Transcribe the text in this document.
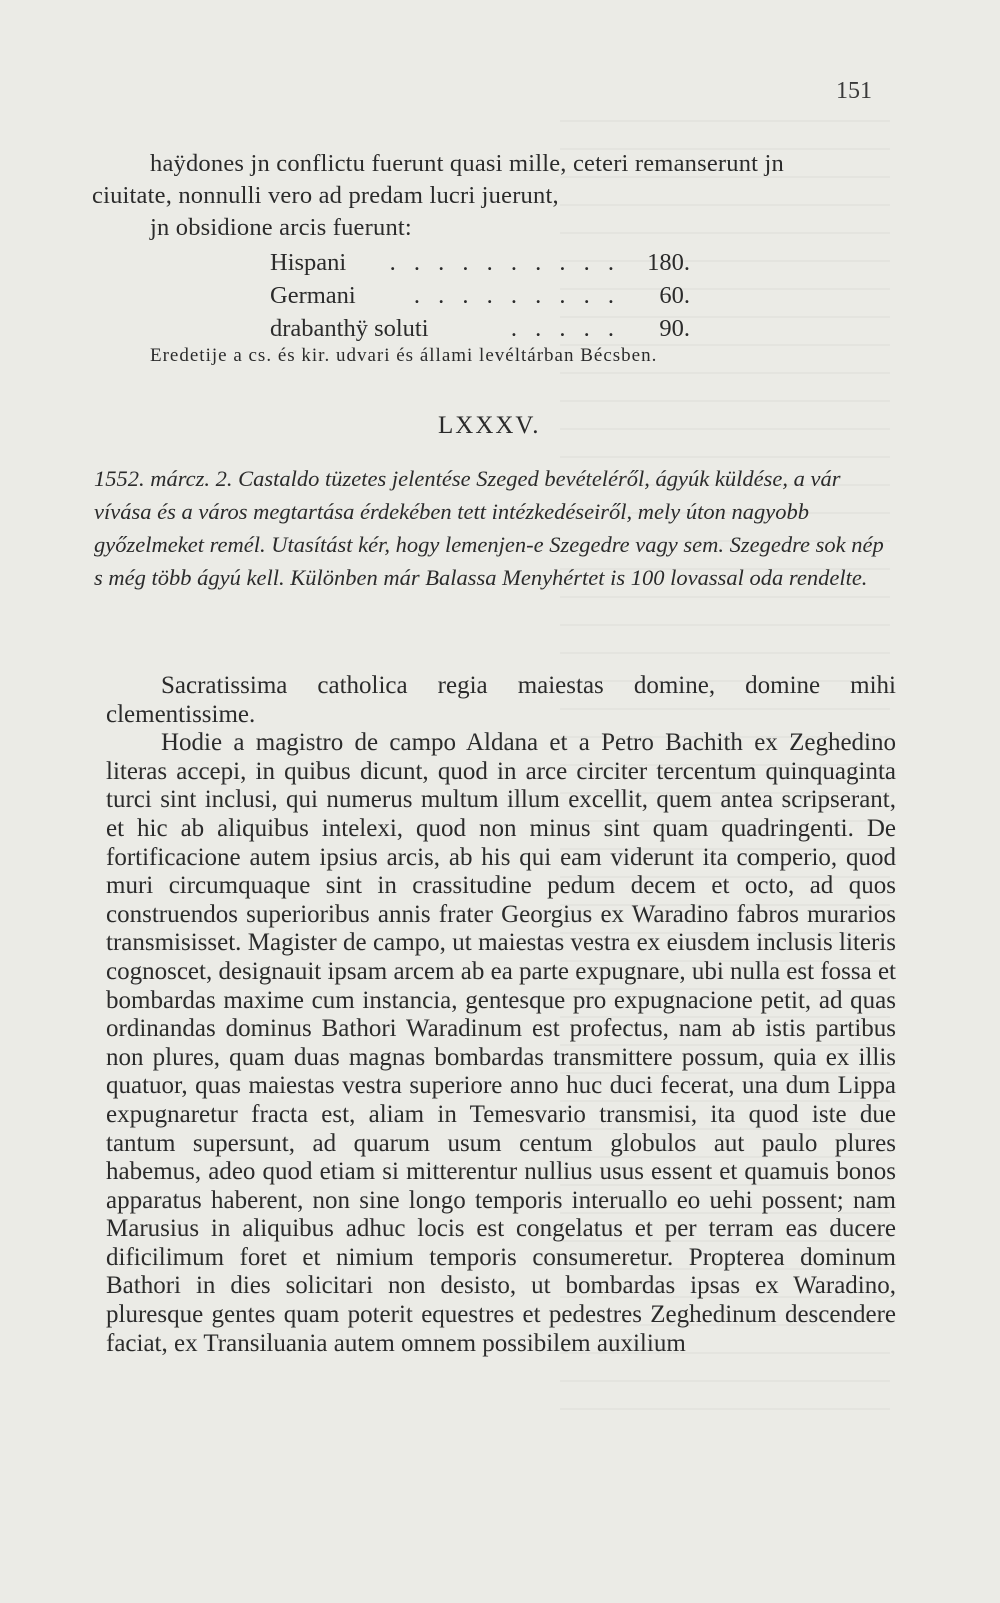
151
haÿdones jn conflictu fuerunt quasi mille, ceteri remanserunt jn
ciuitate, nonnulli vero ad predam lucri juerunt,
jn obsidione arcis fuerunt:
Hispani	. . . . . . . . . . 180.
Germani	. . . . . . . . . 60.
drabanthÿ soluti	. . . . . 90.
Eredetije a cs. és kir. udvari és állami levéltárban Bécsben.
LXXXV.
1552. márcz. 2. Castaldo tüzetes jelentése Szeged bevételéről, ágyúk küldése, a vár vívása és a város megtartása érdekében tett intézkedéseiről, mely úton nagyobb győzelmeket remél. Utasítást kér, hogy lemenjen-e Szegedre vagy sem. Szegedre sok nép s még több ágyú kell. Különben már Balassa Menyhértet is 100 lovassal oda rendelte.
Sacratissima catholica regia maiestas domine, domine mihi clementissime.
Hodie a magistro de campo Aldana et a Petro Bachith ex Zeghedino literas accepi, in quibus dicunt, quod in arce circiter tercentum quinquaginta turci sint inclusi, qui numerus multum illum excellit, quem antea scripserant, et hic ab aliquibus intelexi, quod non minus sint quam quadringenti. De fortificacione autem ipsius arcis, ab his qui eam viderunt ita comperio, quod muri circumquaque sint in crassitudine pedum decem et octo, ad quos construendos superioribus annis frater Georgius ex Waradino fabros murarios transmisisset. Magister de campo, ut maiestas vestra ex eiusdem inclusis literis cognoscet, designauit ipsam arcem ab ea parte expugnare, ubi nulla est fossa et bombardas maxime cum instancia, gentesque pro expugnacione petit, ad quas ordinandas dominus Bathori Waradinum est profectus, nam ab istis partibus non plures, quam duas magnas bombardas transmittere possum, quia ex illis quatuor, quas maiestas vestra superiore anno huc duci fecerat, una dum Lippa expugnaretur fracta est, aliam in Temesvario transmisi, ita quod iste due tantum supersunt, ad quarum usum centum globulos aut paulo plures habemus, adeo quod etiam si mitterentur nullius usus essent et quamuis bonos apparatus haberent, non sine longo temporis interuallo eo uehi possent; nam Marusius in aliquibus adhuc locis est congelatus et per terram eas ducere dificilimum foret et nimium temporis consumeretur. Propterea dominum Bathori in dies solicitari non desisto, ut bombardas ipsas ex Waradino, pluresque gentes quam poterit equestres et pedestres Zeghedinum descendere faciat, ex Transiluania autem omnem possibilem auxilium
